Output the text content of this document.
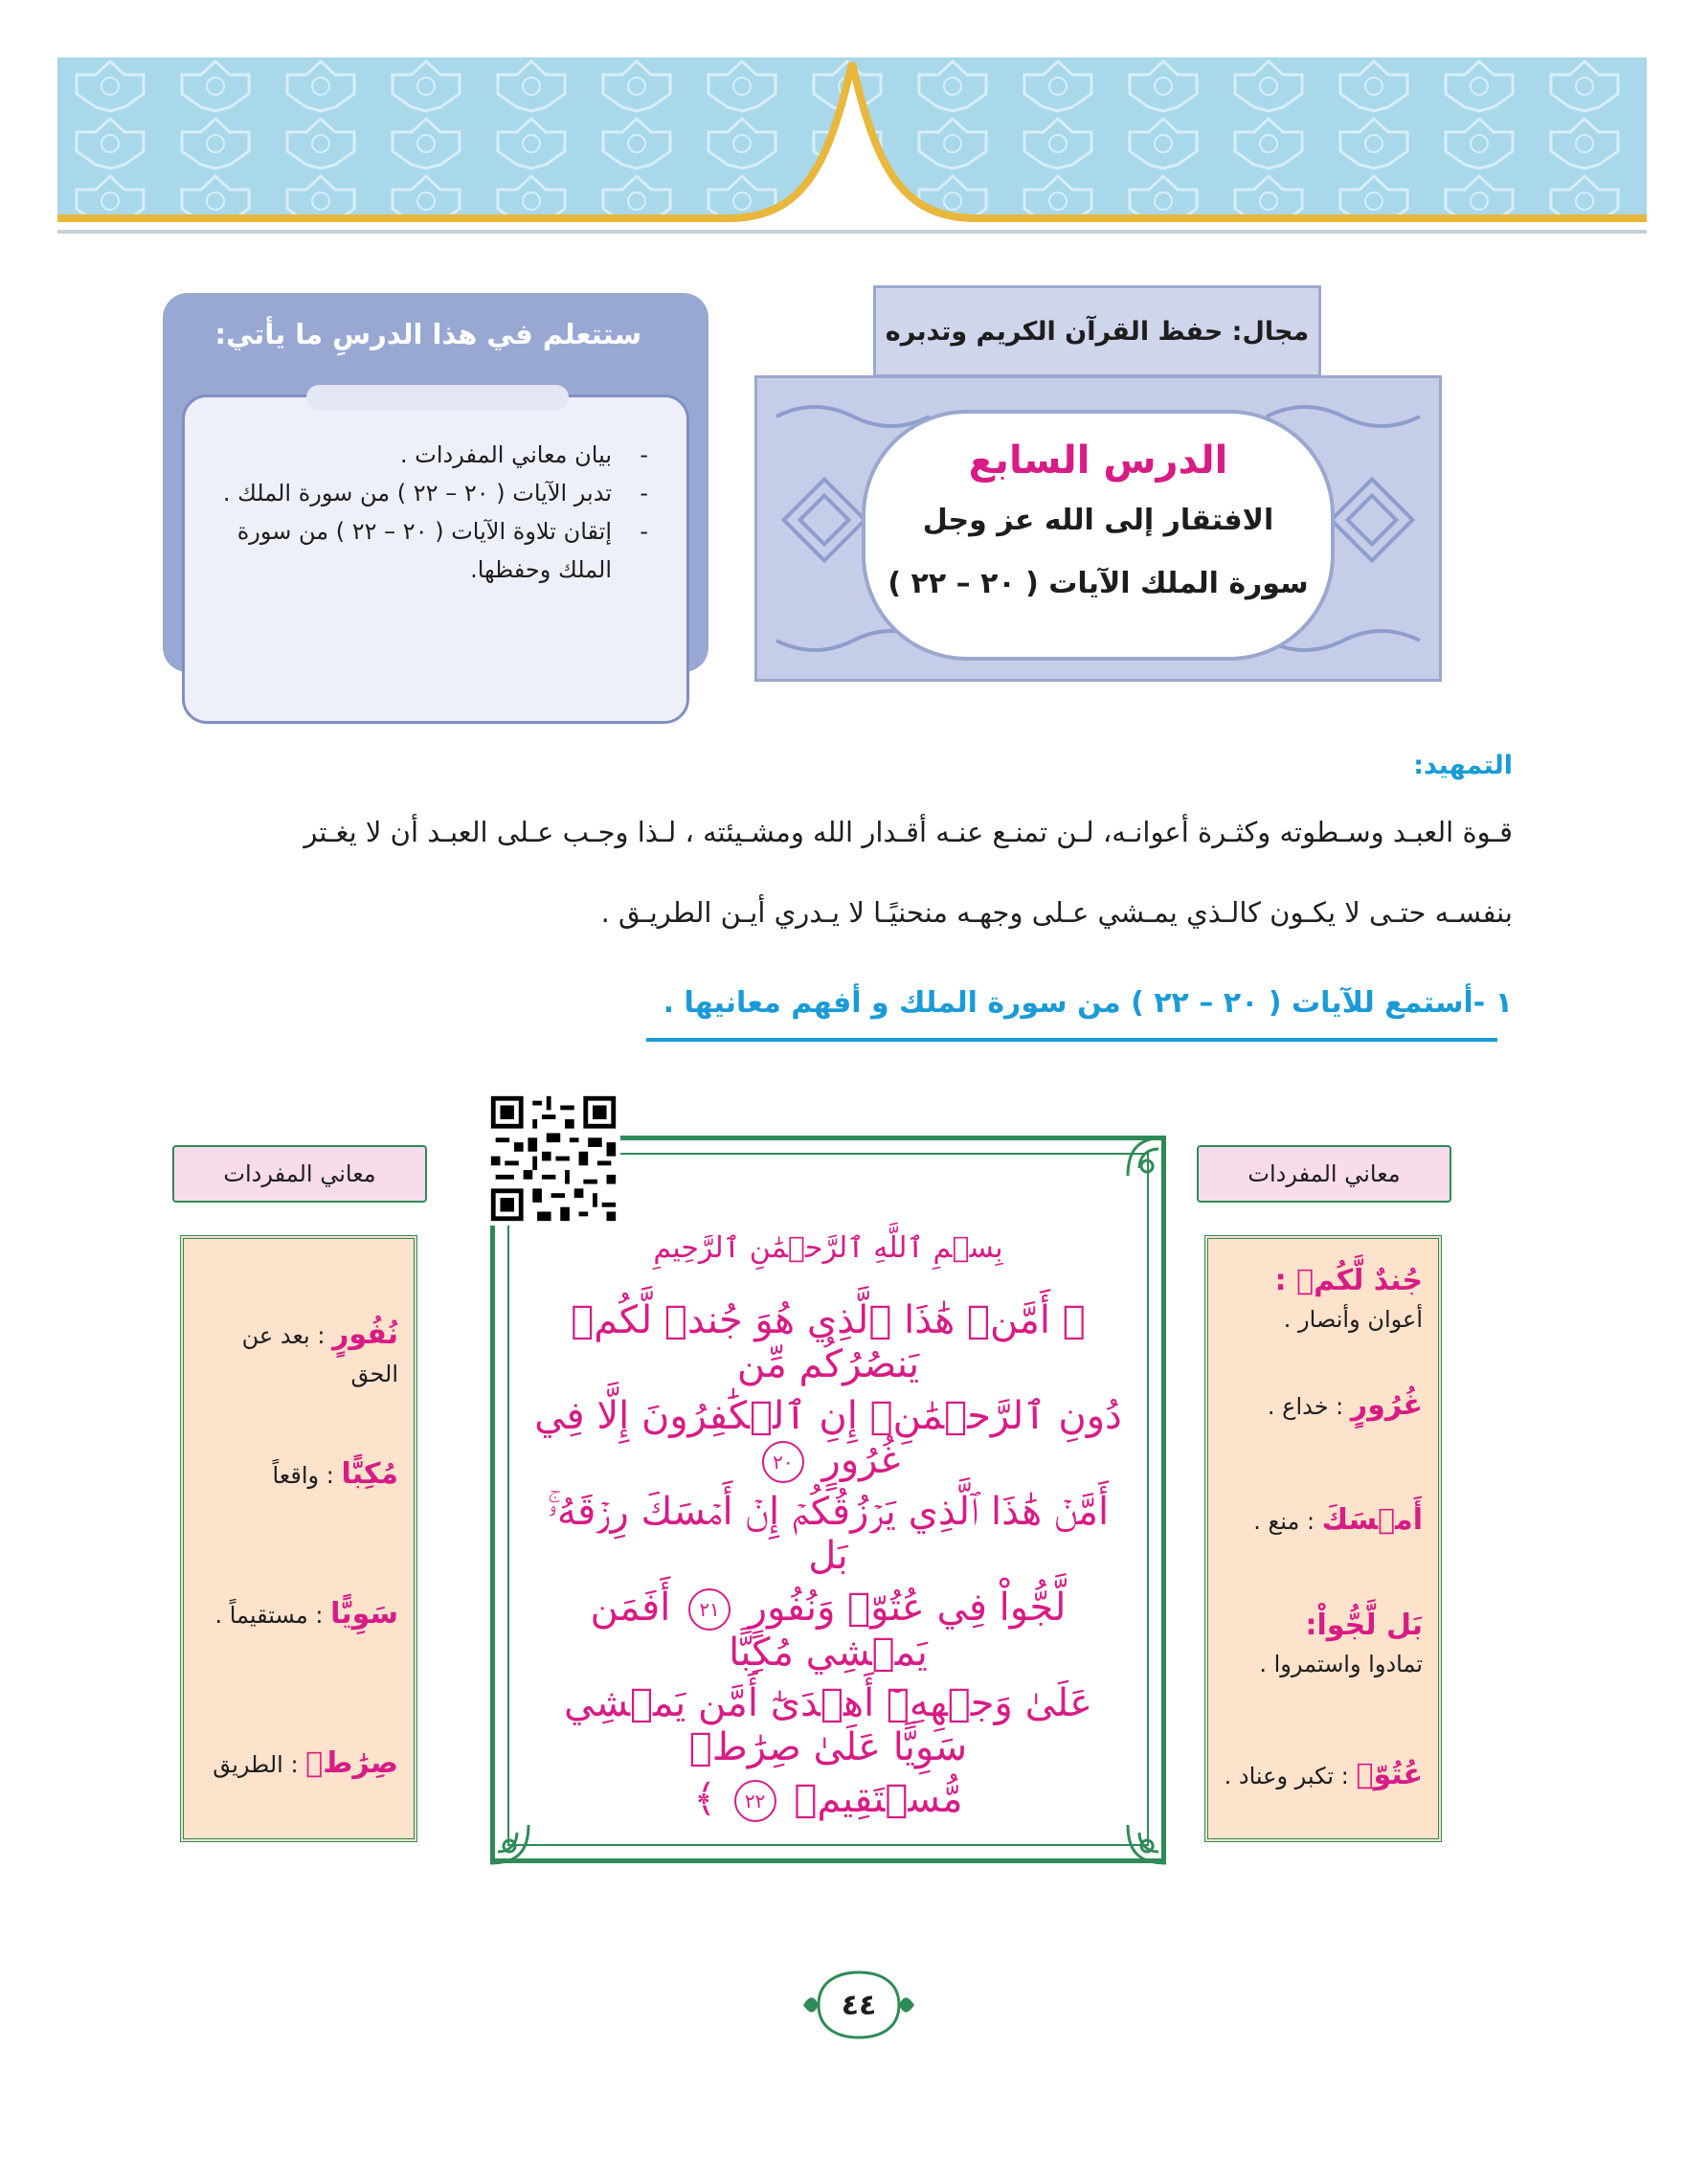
مجال: حفظ القرآن الكريم وتدبره
الدرس السابع
الافتقار إلى الله عز وجل
سورة الملك الآيات ( ٢٠ – ٢٢ )
ستتعلم في هذا الدرسِ ما يأتي:
- بيان معاني المفردات .
- تدبر الآيات ( ٢٠ – ٢٢ ) من سورة الملك .
- إتقان تلاوة الآيات ( ٢٠ – ٢٢ ) من سورة الملك وحفظها.
التمهيد:
قـوة العبـد وسـطوته وكثـرة أعوانـه، لـن تمنـع عنـه أقـدار الله ومشـيئته ، لـذا وجـب عـلى العبـد أن لا يغـتر
بنفسـه حتـى لا يكـون كالـذي يمـشي عـلى وجهـه منحنيًـا لا يـدري أيـن الطريـق .
١ -أستمع للآيات ( ٢٠ – ٢٢ ) من سورة الملك و أفهم معانيها .
معاني المفردات
جُندٌ لَّكُمۡ :
أعوان وأنصار .
غُرُورٍ : خداع .
أَمۡسَكَ : منع .
بَل لَّجُّواْ:
تمادوا واستمروا .
عُتُوّٖ : تكبر وعناد .
معاني المفردات
نُفُورٍ : بعد عن الحق
مُكِبًّا : واقعاً
سَوِيًّا : مستقيماً .
صِرَٰطٖ : الطريق
بِسۡمِ ٱللَّهِ ٱلرَّحۡمَٰنِ ٱلرَّحِيمِ
﴿ أَمَّنۡ هَٰذَا ٱلَّذِي هُوَ جُندٞ لَّكُمۡ يَنصُرُكُم مِّن
دُونِ ٱلرَّحۡمَٰنِۚ إِنِ ٱلۡكَٰفِرُونَ إِلَّا فِي غُرُورٍ ٢٠
أَمَّنۡ هَٰذَا ٱلَّذِي يَرۡزُقُكُمۡ إِنۡ أَمۡسَكَ رِزۡقَهُۥۚ بَل
لَّجُّواْ فِي عُتُوّٖ وَنُفُورٍ ٢١ أَفَمَن يَمۡشِي مُكِبًّا
عَلَىٰ وَجۡهِهِۦٓ أَهۡدَىٰٓ أَمَّن يَمۡشِي سَوِيًّا عَلَىٰ صِرَٰطٖ
مُّسۡتَقِيمٖ ٢٢ ﴾
٤٤
